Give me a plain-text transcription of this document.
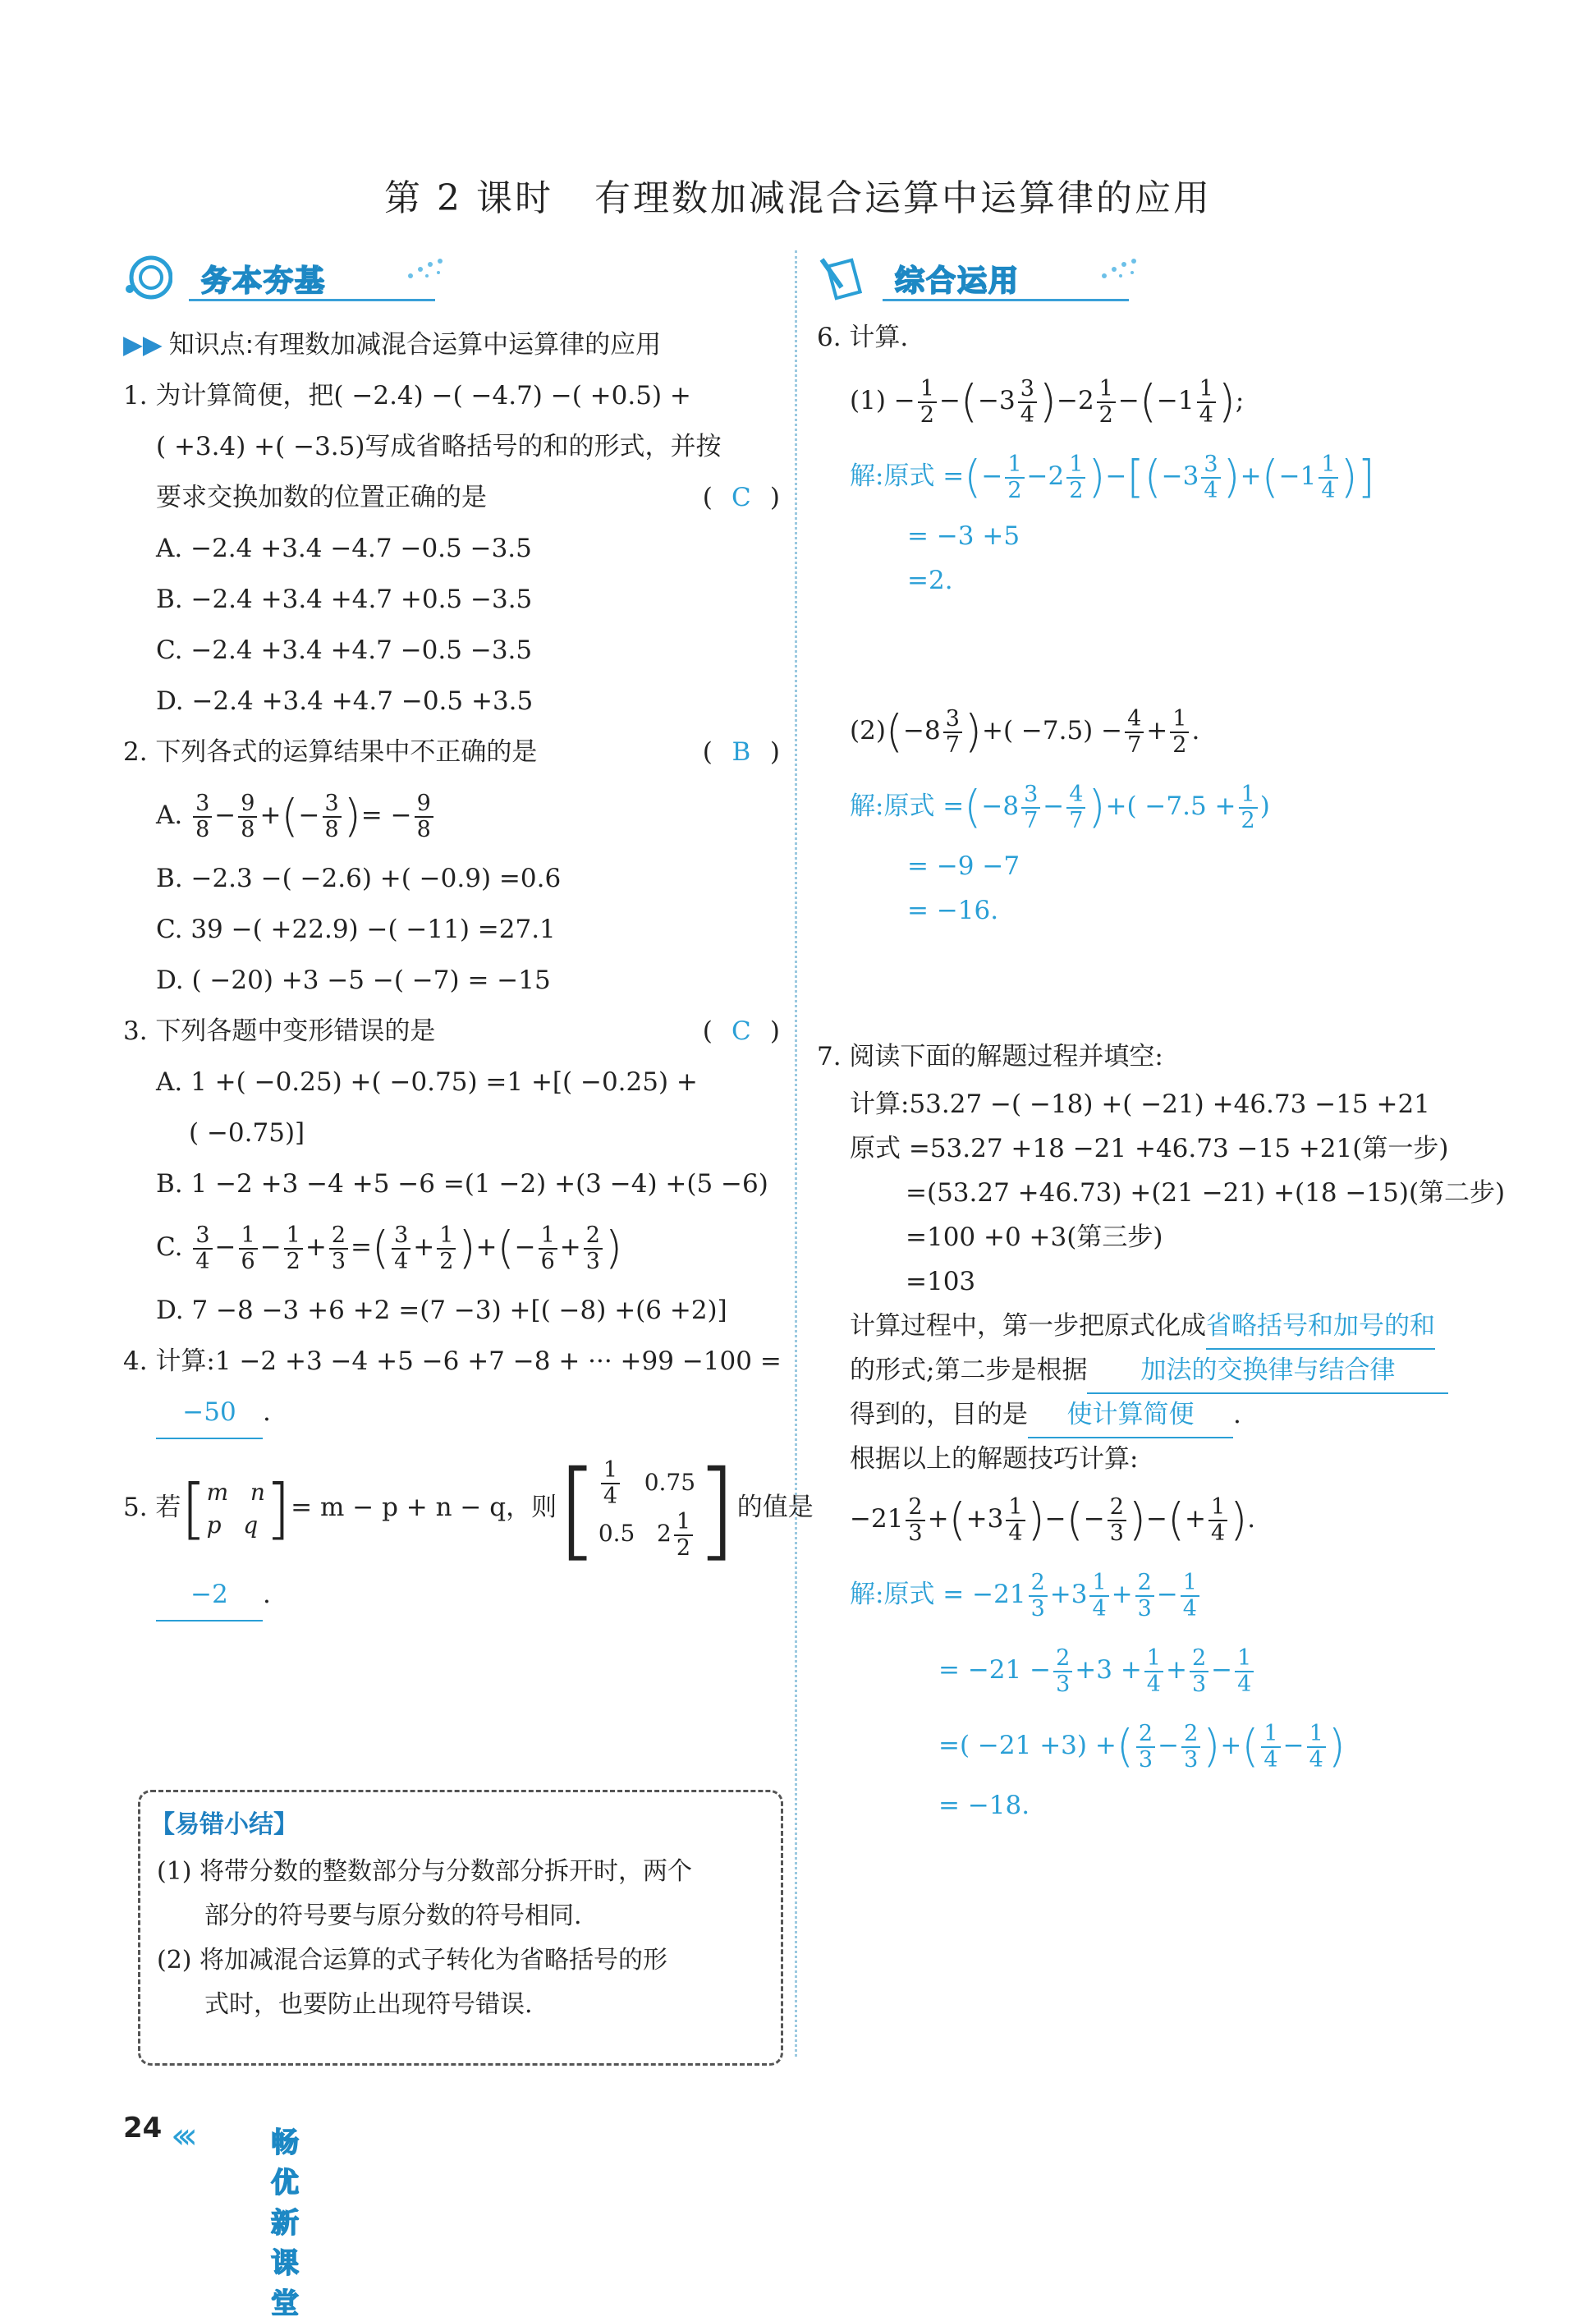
第 2 课时 有理数加减混合运算中运算律的应用
务本夯基
▶▶ 知识点:有理数加减混合运算中运算律的应用
1. 为计算简便，把( −2.4) −( −4.7) −( +0.5) +
( +3.4) +( −3.5)写成省略括号的和的形式，并按
要求交换加数的位置正确的是	( C )
A. −2.4 +3.4 −4.7 −0.5 −3.5
B. −2.4 +3.4 +4.7 +0.5 −3.5
C. −2.4 +3.4 +4.7 −0.5 −3.5
D. −2.4 +3.4 +4.7 −0.5 +3.5
2. 下列各式的运算结果中不正确的是	( B )
A. $\frac{3}{8} - \frac{9}{8}$ +(− $\frac{3}{8}$ )= − $\frac{9}{8}$
B. −2.3 −( −2.6) +( −0.9) =0.6
C. 39 −( +22.9) −( −11) =27.1
D. ( −20) +3 −5 −( −7) = −15
3. 下列各题中变形错误的是	( C )
A. 1 +( −0.25) +( −0.75) =1 +[( −0.25) +
( −0.75)]
B. 1 −2 +3 −4 +5 −6 =(1 −2) +(3 −4) +(5 −6)
C. $\frac{3}{4} - \frac{1}{6} - \frac{1}{2} + \frac{2}{3}$ =( $\frac{3}{4} + \frac{1}{2}$ )+(− $\frac{1}{6} + \frac{2}{3}$ )
D. 7 −8 −3 +6 +2 =(7 −3) +[( −8) +(6 +2)]
4. 计算:1 −2 +3 −4 +5 −6 +7 −8 + ··· +99 −100 =
−50 .
5. 若[ m   n
p   q ]= m − p + n − q，则[ $\frac{1}{4} 0.75$
0.5   $2 \frac{1}{2}$ ]的值是
−2 .
【易错小结】
(1) 将带分数的整数部分与分数部分拆开时，两个
部分的符号要与原分数的符号相同.
(2) 将加减混合运算的式子转化为省略括号的形
式时，也要防止出现符号错误.
综合运用
6. 计算.
$(1) - \frac{1}{2} -(-3 \frac{3}{4} )-2 \frac{1}{2} -(-1 \frac{1}{4}$ );
解:原式 =(− $\frac{1}{2} -2 \frac{1}{2} )-[(-3 \frac{3}{4} )+(-1 \frac{1}{4}$ )]
= −3 +5
=2.
$(2)(-8 \frac{3}{7}$ )+( $-7.5) - \frac{4}{7} + \frac{1}{2}$ .
解:原式 $=(-8 \frac{3}{7} - \frac{4}{7}$ )+( $-7.5 + \frac{1}{2}$ )
= −9 −7
= −16.
7. 阅读下面的解题过程并填空:
计算:53.27 −( −18) +( −21) +46.73 −15 +21
原式 =53.27 +18 −21 +46.73 −15 +21(第一步)
=(53.27 +46.73) +(21 −21) +(18 −15)(第二步)
=100 +0 +3(第三步)
=103
计算过程中，第一步把原式化成省略括号和加号的和
的形式;第二步是根据 加法的交换律与结合律
得到的，目的是 使计算简便 .
根据以上的解题技巧计算:
$-21 \frac{2}{3} +(+3 \frac{1}{4}$ )−(− $\frac{2}{3}$ )−(+ $\frac{1}{4}$ ).
解:原式 = $-21 \frac{2}{3} +3 \frac{1}{4} + \frac{2}{3} - \frac{1}{4}$
= $-21 - \frac{2}{3} +3 + \frac{1}{4} + \frac{2}{3} - \frac{1}{4}$
=( −21 +3) +( $\frac{2}{3} - \frac{2}{3}$ )+( $\frac{1}{4} - \frac{1}{4}$ )
= −18.
24 ‹‹‹	畅优新课堂
